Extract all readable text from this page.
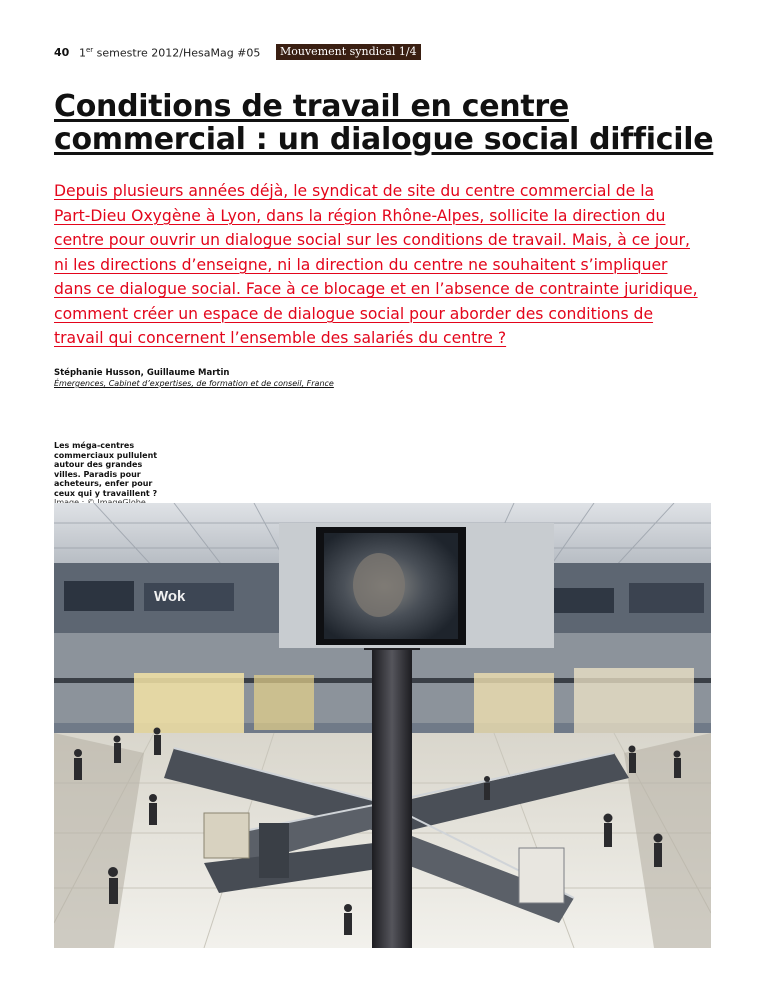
40 1er semestre 2012/HesaMag #05	Mouvement syndical 1/4
Conditions de travail en centre
commercial : un dialogue social difficile

Depuis plusieurs années déjà, le syndicat de site du centre commercial de la
Part-Dieu Oxygène à Lyon, dans la région Rhône-Alpes, sollicite la direction du
centre pour ouvrir un dialogue social sur les conditions de travail. Mais, à ce jour,
ni les directions d’enseigne, ni la direction du centre ne souhaitent s’impliquer
dans ce dialogue social. Face à ce blocage et en l’absence de contrainte juridique,
comment créer un espace de dialogue social pour aborder des conditions de
travail qui concernent l’ensemble des salariés du centre ?

Stéphanie Husson, Guillaume Martin
Émergences, Cabinet d’expertises, de formation et de conseil, France
Les méga-centres
commerciaux pullulent
autour des grandes
villes. Paradis pour
acheteurs, enfer pour
ceux qui y travaillent ?
Wok
